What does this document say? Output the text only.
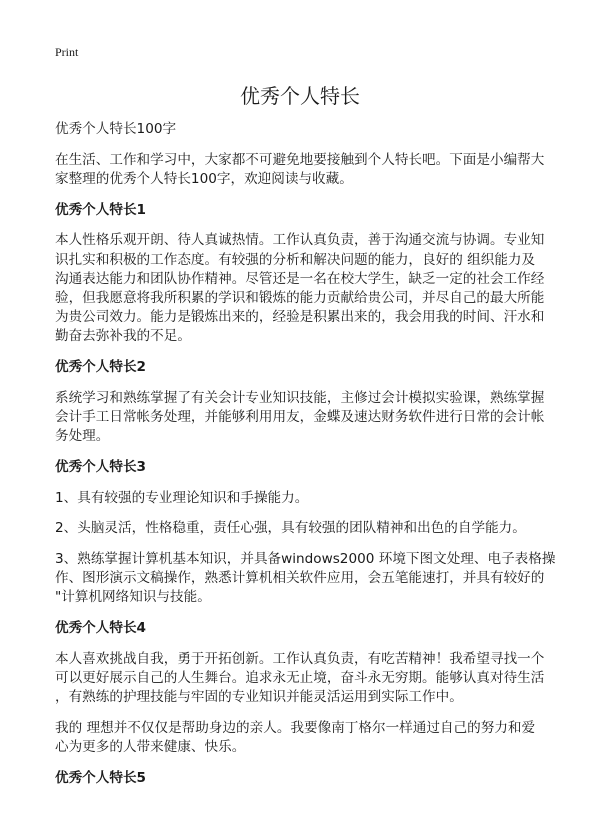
Print
优秀个人特长

优秀个人特长100字

在生活、工作和学习中，大家都不可避免地要接触到个人特长吧。下面是小编帮大
家整理的优秀个人特长100字，欢迎阅读与收藏。

优秀个人特长1

本人性格乐观开朗、待人真诚热情。工作认真负责，善于沟通交流与协调。专业知
识扎实和积极的工作态度。有较强的分析和解决问题的能力，良好的 组织能力及
沟通表达能力和团队协作精神。尽管还是一名在校大学生，缺乏一定的社会工作经
验，但我愿意将我所积累的学识和锻炼的能力贡献给贵公司，并尽自己的最大所能
为贵公司效力。能力是锻炼出来的，经验是积累出来的，我会用我的时间、汗水和
勤奋去弥补我的不足。

优秀个人特长2

系统学习和熟练掌握了有关会计专业知识技能，主修过会计模拟实验课，熟练掌握
会计手工日常帐务处理，并能够利用用友，金蝶及速达财务软件进行日常的会计帐
务处理。

优秀个人特长3

1、具有较强的专业理论知识和手操能力。

2、头脑灵活，性格稳重，责任心强，具有较强的团队精神和出色的自学能力。

3、熟练掌握计算机基本知识，并具备windows2000 环境下图文处理、电子表格操
作、图形演示文稿操作，熟悉计算机相关软件应用，会五笔能速打，并具有较好的
"计算机网络知识与技能。

优秀个人特长4

本人喜欢挑战自我，勇于开拓创新。工作认真负责，有吃苦精神！我希望寻找一个
可以更好展示自己的人生舞台。追求永无止境，奋斗永无穷期。能够认真对待生活
，有熟练的护理技能与牢固的专业知识并能灵活运用到实际工作中。

我的 理想并不仅仅是帮助身边的亲人。我要像南丁格尔一样通过自己的努力和爱
心为更多的人带来健康、快乐。

优秀个人特长5
